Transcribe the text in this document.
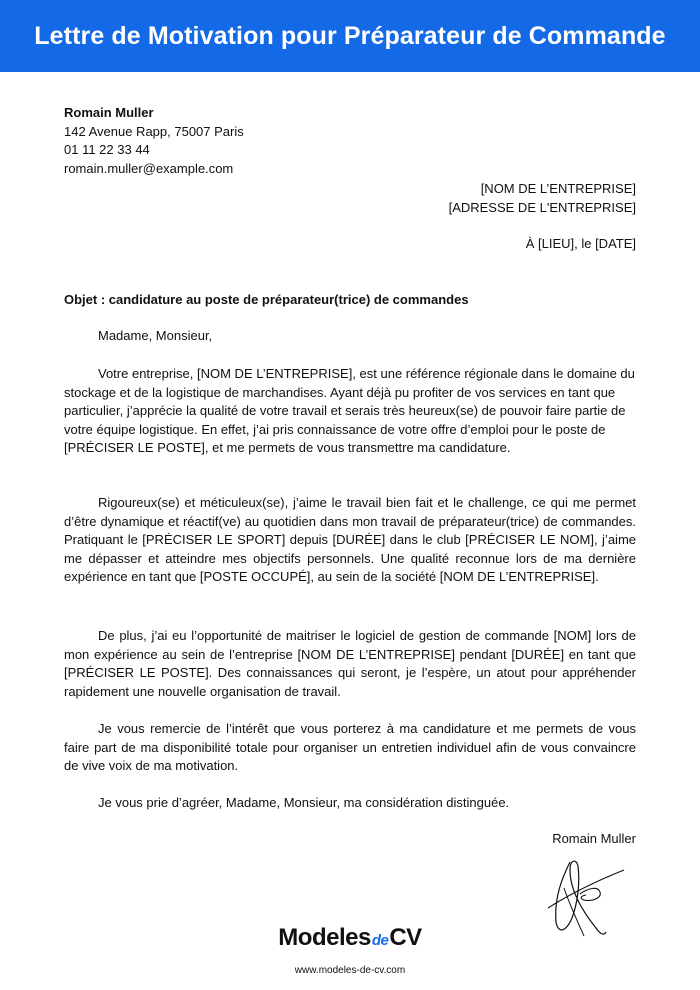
Lettre de Motivation pour Préparateur de Commande
Romain Muller
142 Avenue Rapp, 75007 Paris
01 11 22 33 44
romain.muller@example.com
[NOM DE L’ENTREPRISE]
[ADRESSE DE L'ENTREPRISE]
À [LIEU], le [DATE]
Objet : candidature au poste de préparateur(trice) de commandes
Madame, Monsieur,

Votre entreprise, [NOM DE L’ENTREPRISE], est une référence régionale dans le domaine du stockage et de la logistique de marchandises. Ayant déjà pu profiter de vos services en tant que particulier, j’apprécie la qualité de votre travail et serais très heureux(se) de pouvoir faire partie de votre équipe logistique. En effet, j’ai pris connaissance de votre offre d’emploi pour le poste de [PRÉCISER LE POSTE], et me permets de vous transmettre ma candidature.

Rigoureux(se) et méticuleux(se), j’aime le travail bien fait et le challenge, ce qui me permet d’être dynamique et réactif(ve) au quotidien dans mon travail de préparateur(trice) de commandes. Pratiquant le [PRÉCISER LE SPORT] depuis [DURÉE] dans le club [PRÉCISER LE NOM], j’aime me dépasser et atteindre mes objectifs personnels. Une qualité reconnue lors de ma dernière expérience en tant que [POSTE OCCUPÉ], au sein de la société [NOM DE L’ENTREPRISE].

De plus, j’ai eu l’opportunité de maitriser le logiciel de gestion de commande [NOM] lors de mon expérience au sein de l’entreprise [NOM DE L’ENTREPRISE] pendant [DURÉE] en tant que [PRÉCISER LE POSTE]. Des connaissances qui seront, je l’espère, un atout pour appréhender rapidement une nouvelle organisation de travail.

Je vous remercie de l’intérêt que vous porterez à ma candidature et me permets de vous faire part de ma disponibilité totale pour organiser un entretien individuel afin de vous convaincre de vive voix de ma motivation.

Je vous prie d’agréer, Madame, Monsieur, ma considération distinguée.
Romain Muller
Modeles de CV
www.modeles-de-cv.com
